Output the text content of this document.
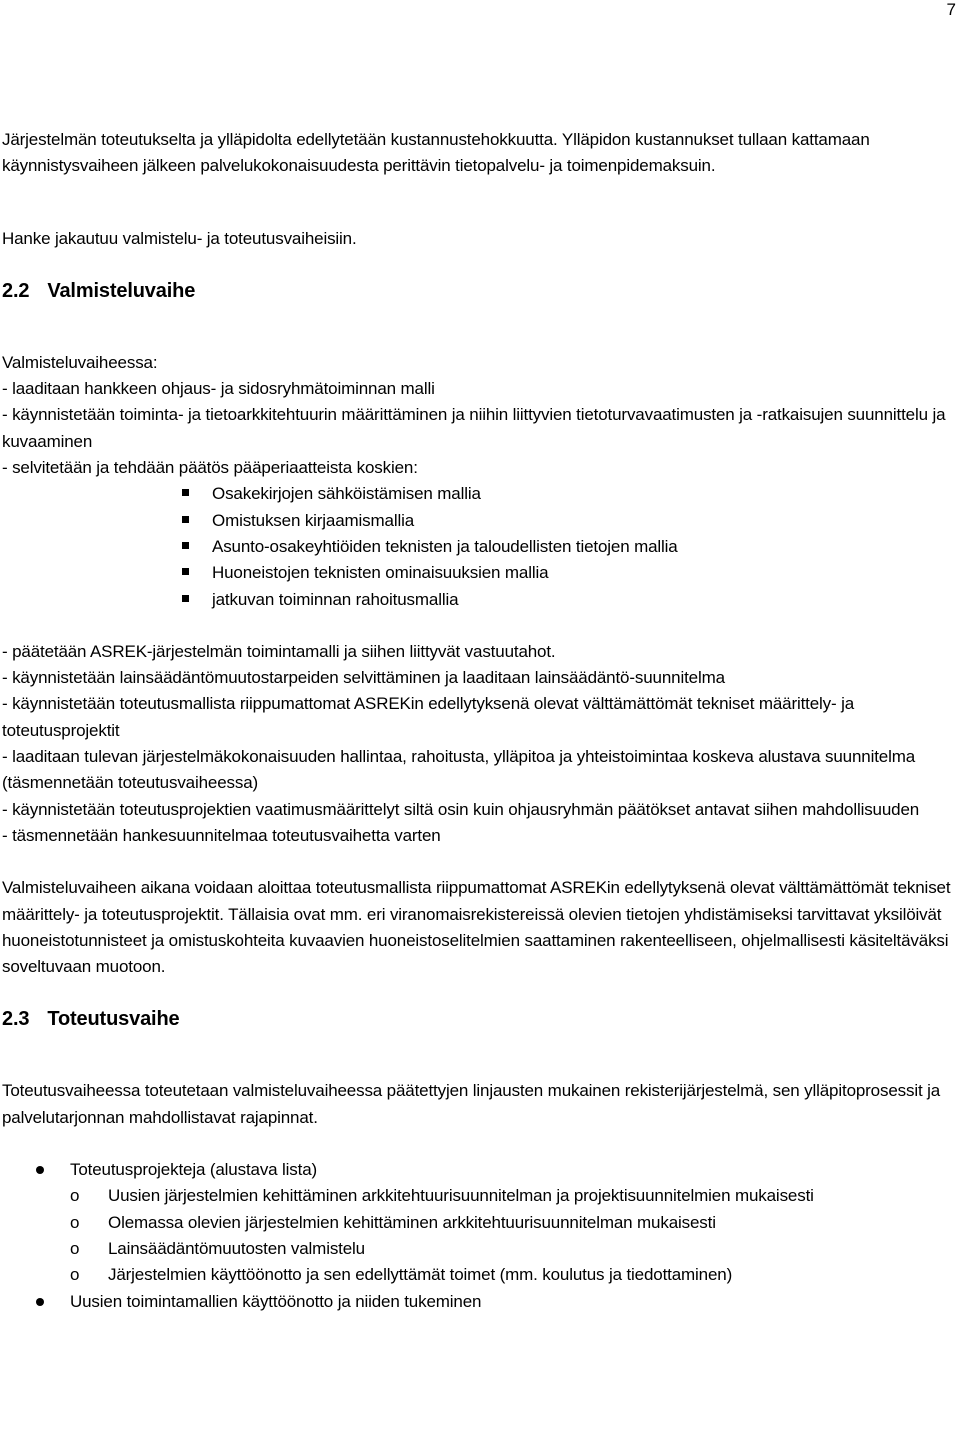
7

Järjestelmän toteutukselta ja ylläpidolta edellytetään kustannustehokkuutta. Ylläpidon kustannukset tullaan kattamaan käynnistysvaiheen jälkeen palvelukokonaisuudesta perittävin tietopalvelu- ja toimenpidemaksuin.

Hanke jakautuu valmistelu- ja toteutusvaiheisiin.

2.2 Valmisteluvaihe

Valmisteluvaiheessa:

- laaditaan hankkeen ohjaus- ja sidosryhmätoiminnan malli

- käynnistetään toiminta- ja tietoarkkitehtuurin määrittäminen ja niihin liittyvien tietoturvavaatimusten ja -ratkaisujen suunnittelu ja kuvaaminen

- selvitetään ja tehdään päätös pääperiaatteista koskien:

Osakekirjojen sähköistämisen mallia
Omistuksen kirjaamismallia
Asunto-osakeyhtiöiden teknisten ja taloudellisten tietojen mallia
Huoneistojen teknisten ominaisuuksien mallia
jatkuvan toiminnan rahoitusmallia

- päätetään ASREK-järjestelmän toimintamalli ja siihen liittyvät vastuutahot.

- käynnistetään lainsäädäntömuutostarpeiden selvittäminen ja laaditaan lainsäädäntö-suunnitelma

- käynnistetään toteutusmallista riippumattomat ASREKin edellytyksenä olevat välttämättömät tekniset määrittely- ja toteutusprojektit

- laaditaan tulevan järjestelmäkokonaisuuden hallintaa, rahoitusta, ylläpitoa ja yhteistoimintaa koskeva alustava suunnitelma (täsmennetään toteutusvaiheessa)

- käynnistetään toteutusprojektien vaatimusmäärittelyt siltä osin kuin ohjausryhmän päätökset antavat siihen mahdollisuuden

- täsmennetään hankesuunnitelmaa toteutusvaihetta varten

Valmisteluvaiheen aikana voidaan aloittaa toteutusmallista riippumattomat ASREKin edellytyksenä olevat välttämättömät tekniset määrittely- ja toteutusprojektit. Tällaisia ovat mm. eri viranomaisrekistereissä olevien tietojen yhdistämiseksi tarvittavat yksilöivät huoneistotunnisteet ja omistuskohteita kuvaavien huoneistoselitelmien saattaminen rakenteelliseen, ohjelmallisesti käsiteltäväksi soveltuvaan muotoon.

2.3 Toteutusvaihe

Toteutusvaiheessa toteutetaan valmisteluvaiheessa päätettyjen linjausten mukainen rekisterijärjestelmä, sen ylläpitoprosessit ja palvelutarjonnan mahdollistavat rajapinnat.

Toteutusprojekteja (alustava lista)
o Uusien järjestelmien kehittäminen arkkitehtuurisuunnitelman ja projektisuunnitelmien mukaisesti
o Olemassa olevien järjestelmien kehittäminen arkkitehtuurisuunnitelman mukaisesti
o Lainsäädäntömuutosten valmistelu
o Järjestelmien käyttöönotto ja sen edellyttämät toimet (mm. koulutus ja tiedottaminen)
Uusien toimintamallien käyttöönotto ja niiden tukeminen
